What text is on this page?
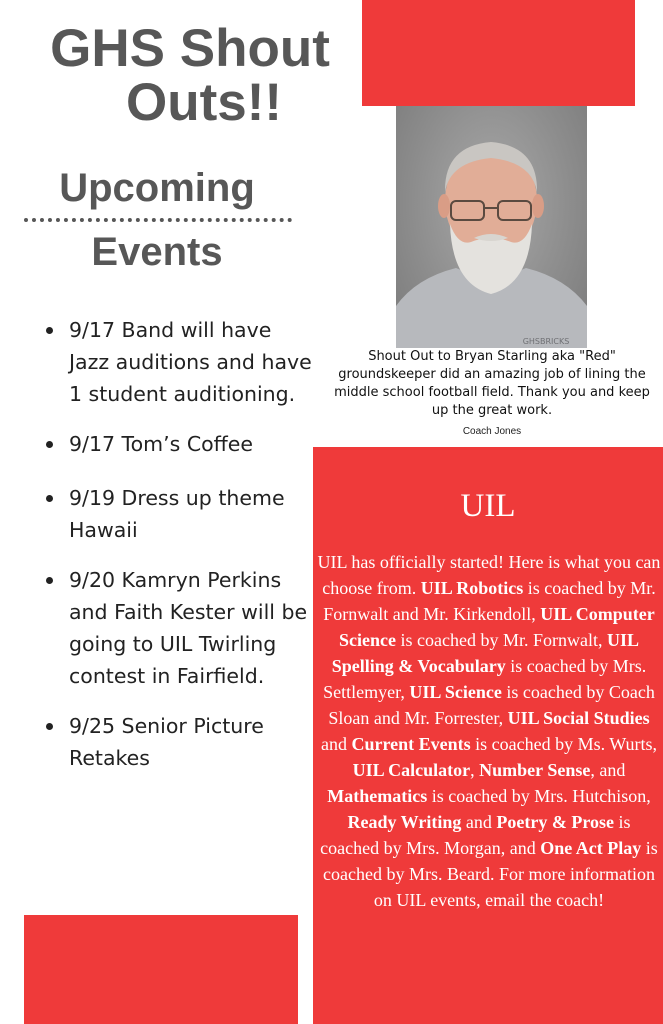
GHS Shout
Outs!!
Upcoming
Events
9/17 Band will have Jazz auditions and have 1 student auditioning.
9/17 Tom’s Coffee
9/19 Dress up theme Hawaii
9/20 Kamryn Perkins and Faith Kester will be going to UIL Twirling contest in Fairfield.
9/25 Senior Picture Retakes
GHSBRICKS
Shout Out to Bryan Starling aka "Red" groundskeeper did an amazing job of lining the middle school football field. Thank you and keep up the great work.
Coach Jones
UIL
UIL has officially started! Here is what you can choose from. UIL Robotics is coached by Mr. Fornwalt and Mr. Kirkendoll, UIL Computer Science is coached by Mr. Fornwalt, UIL Spelling & Vocabulary is coached by Mrs. Settlemyer, UIL Science is coached by Coach Sloan and Mr. Forrester, UIL Social Studies and Current Events is coached by Ms. Wurts, UIL Calculator, Number Sense, and Mathematics is coached by Mrs. Hutchison, Ready Writing and Poetry & Prose is coached by Mrs. Morgan, and One Act Play is coached by Mrs. Beard. For more information on UIL events, email the coach!
